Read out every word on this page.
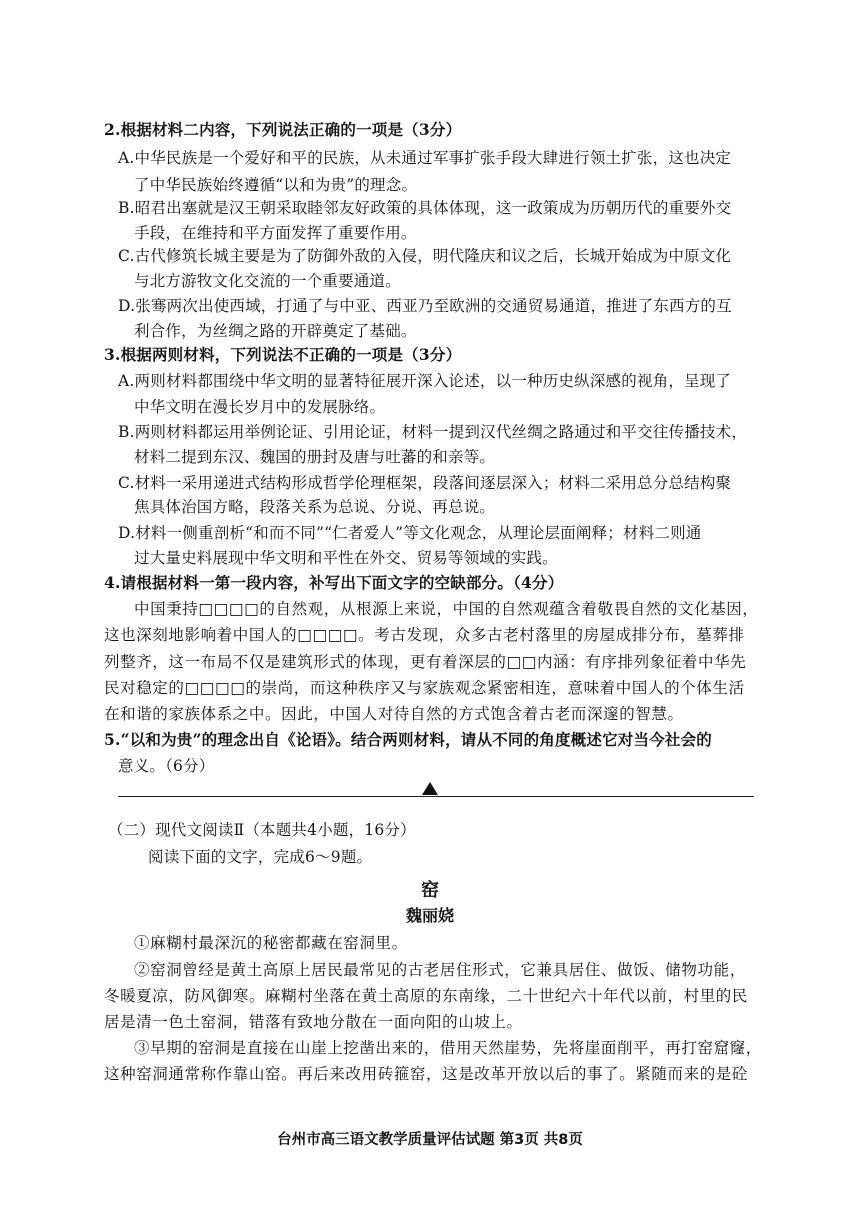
2.根据材料二内容，下列说法正确的一项是（3分）

A.中华民族是一个爱好和平的民族，从未通过军事扩张手段大肆进行领土扩张，这也决定

了中华民族始终遵循“以和为贵”的理念。

B.昭君出塞就是汉王朝采取睦邻友好政策的具体体现，这一政策成为历朝历代的重要外交

手段，在维持和平方面发挥了重要作用。

C.古代修筑长城主要是为了防御外敌的入侵，明代隆庆和议之后，长城开始成为中原文化

与北方游牧文化交流的一个重要通道。

D.张骞两次出使西域，打通了与中亚、西亚乃至欧洲的交通贸易通道，推进了东西方的互

利合作，为丝绸之路的开辟奠定了基础。

3.根据两则材料，下列说法不正确的一项是（3分）

A.两则材料都围绕中华文明的显著特征展开深入论述，以一种历史纵深感的视角，呈现了

中华文明在漫长岁月中的发展脉络。

B.两则材料都运用举例论证、引用论证，材料一提到汉代丝绸之路通过和平交往传播技术，

材料二提到东汉、魏国的册封及唐与吐蕃的和亲等。

C.材料一采用递进式结构形成哲学伦理框架，段落间逐层深入；材料二采用总分总结构聚

焦具体治国方略，段落关系为总说、分说、再总说。

D.材料一侧重剖析“和而不同”“仁者爱人”等文化观念，从理论层面阐释；材料二则通

过大量史料展现中华文明和平性在外交、贸易等领域的实践。

4.请根据材料一第一段内容，补写出下面文字的空缺部分。（4分）

中国秉持□□□□的自然观，从根源上来说，中国的自然观蕴含着敬畏自然的文化基因，

这也深刻地影响着中国人的□□□□。考古发现，众多古老村落里的房屋成排分布，墓葬排

列整齐，这一布局不仅是建筑形式的体现，更有着深层的□□内涵：有序排列象征着中华先

民对稳定的□□□□的崇尚，而这种秩序又与家族观念紧密相连，意味着中国人的个体生活

在和谐的家族体系之中。因此，中国人对待自然的方式饱含着古老而深邃的智慧。

5.“以和为贵”的理念出自《论语》。结合两则材料，请从不同的角度概述它对当今社会的

意义。（6分）

（二）现代文阅读Ⅱ（本题共4小题，16分）

阅读下面的文字，完成6～9题。

窑
魏丽娆

①麻糊村最深沉的秘密都藏在窑洞里。

②窑洞曾经是黄土高原上居民最常见的古老居住形式，它兼具居住、做饭、储物功能，

冬暖夏凉，防风御寒。麻糊村坐落在黄土高原的东南缘，二十世纪六十年代以前，村里的民

居是清一色土窑洞，错落有致地分散在一面向阳的山坡上。

③早期的窑洞是直接在山崖上挖凿出来的，借用天然崖势，先将崖面削平，再打窑窟窿，

这种窑洞通常称作靠山窑。再后来改用砖箍窑，这是改革开放以后的事了。紧随而来的是砼

台州市高三语文教学质量评估试题 第3页 共8页
